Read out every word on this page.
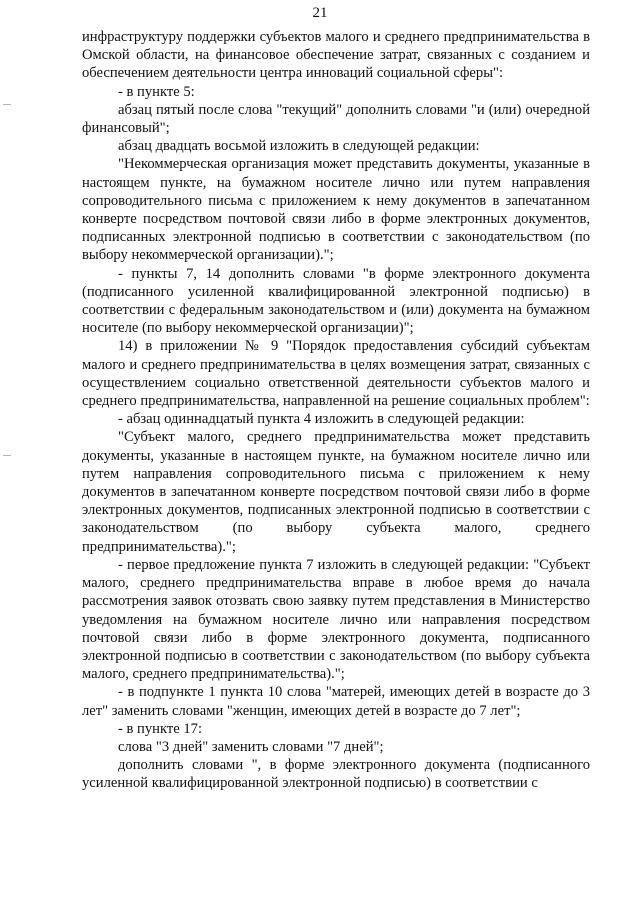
21

инфраструктуру поддержки субъектов малого и среднего предпринимательства в Омской области, на финансовое обеспечение затрат, связанных с созданием и обеспечением деятельности центра инноваций социальной сферы":

- в пункте 5:

абзац пятый после слова "текущий" дополнить словами "и (или) очередной финансовый";

абзац двадцать восьмой изложить в следующей редакции:

"Некоммерческая организация может представить документы, указанные в настоящем пункте, на бумажном носителе лично или путем направления сопроводительного письма с приложением к нему документов в запечатанном конверте посредством почтовой связи либо в форме электронных документов, подписанных электронной подписью в соответствии с законодательством (по выбору некоммерческой организации).";

- пункты 7, 14 дополнить словами "в форме электронного документа (подписанного усиленной квалифицированной электронной подписью) в соответствии с федеральным законодательством и (или) документа на бумажном носителе (по выбору некоммерческой организации)";

14) в приложении № 9 "Порядок предоставления субсидий субъектам малого и среднего предпринимательства в целях возмещения затрат, связанных с осуществлением социально ответственной деятельности субъектов малого и среднего предпринимательства, направленной на решение социальных проблем":

- абзац одиннадцатый пункта 4 изложить в следующей редакции:

"Субъект малого, среднего предпринимательства может представить документы, указанные в настоящем пункте, на бумажном носителе лично или путем направления сопроводительного письма с приложением к нему документов в запечатанном конверте посредством почтовой связи либо в форме электронных документов, подписанных электронной подписью в соответствии с законодательством (по выбору субъекта малого, среднего предпринимательства).";

- первое предложение пункта 7 изложить в следующей редакции: "Субъект малого, среднего предпринимательства вправе в любое время до начала рассмотрения заявок отозвать свою заявку путем представления в Министерство уведомления на бумажном носителе лично или направления посредством почтовой связи либо в форме электронного документа, подписанного электронной подписью в соответствии с законодательством (по выбору субъекта малого, среднего предпринимательства).";

- в подпункте 1 пункта 10 слова "матерей, имеющих детей в возрасте до 3 лет" заменить словами "женщин, имеющих детей в возрасте до 7 лет";

- в пункте 17:

слова "3 дней" заменить словами "7 дней";

дополнить словами ", в форме электронного документа (подписанного усиленной квалифицированной электронной подписью) в соответствии с
